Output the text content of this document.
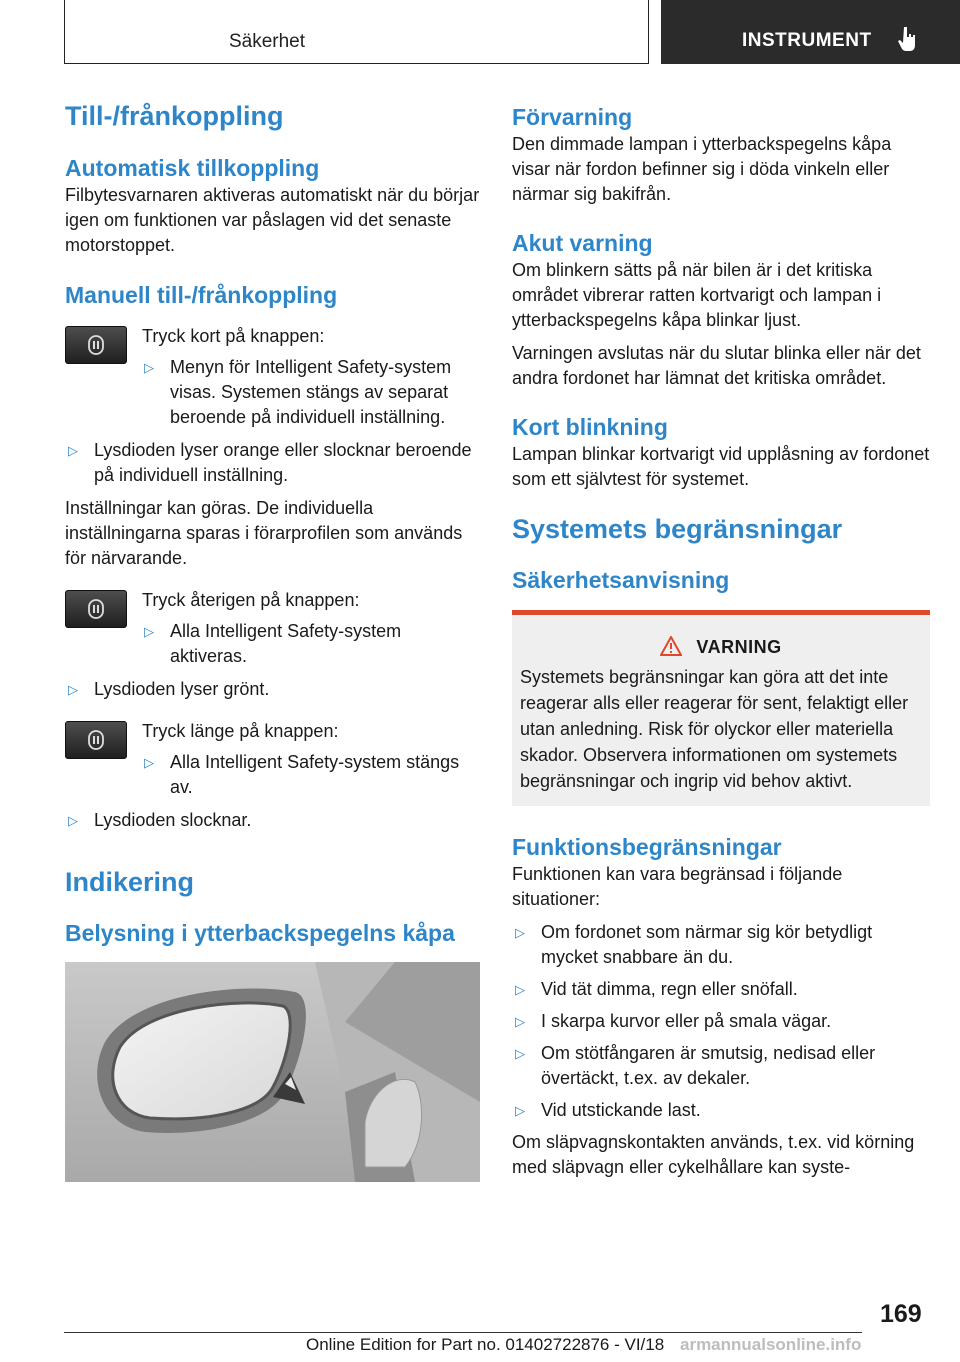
Säkerhet	INSTRUMENT
Till-/frånkoppling
Automatisk tillkoppling

Filbytesvarnaren aktiveras automatiskt när du börjar igen om funktionen var påslagen vid det senaste motorstoppet.

Manuell till-/frånkoppling
Tryck kort på knappen:
▷ Menyn för Intelligent Safety-system visas. Systemen stängs av separat beroende på individuell inställning.
▷ Lysdioden lyser orange eller slocknar beroende på individuell inställning.

Inställningar kan göras. De individuella inställningarna sparas i förarprofilen som används för närvarande.

Tryck återigen på knappen:
▷ Alla Intelligent Safety-system aktiveras.
▷ Lysdioden lyser grönt.
Tryck länge på knappen:
▷ Alla Intelligent Safety-system stängs av.
▷ Lysdioden slocknar.
Indikering
Belysning i ytterbackspegelns kåpa
Förvarning

Den dimmade lampan i ytterbackspegelns kåpa visar när fordon befinner sig i döda vinkeln eller närmar sig bakifrån.

Akut varning

Om blinkern sätts på när bilen är i det kritiska området vibrerar ratten kortvarigt och lampan i ytterbackspegelns kåpa blinkar ljust.

Varningen avslutas när du slutar blinka eller när det andra fordonet har lämnat det kritiska området.

Kort blinkning

Lampan blinkar kortvarigt vid upplåsning av fordonet som ett självtest för systemet.

Systemets begränsningar
Säkerhetsanvisning
VARNING

Systemets begränsningar kan göra att det inte reagerar alls eller reagerar för sent, felaktigt eller utan anledning. Risk för olyckor eller materiella skador. Observera informationen om systemets begränsningar och ingrip vid behov aktivt.

Funktionsbegränsningar

Funktionen kan vara begränsad i följande situationer:

▷ Om fordonet som närmar sig kör betydligt mycket snabbare än du.
▷ Vid tät dimma, regn eller snöfall.
▷ I skarpa kurvor eller på smala vägar.
▷ Om stötfångaren är smutsig, nedisad eller övertäckt, t.ex. av dekaler.
▷ Vid utstickande last.

Om släpvagnskontakten används, t.ex. vid körning med släpvagn eller cykelhållare kan syste-

169
Online Edition for Part no. 01402722876 - VI/18 armannualsonline.info
